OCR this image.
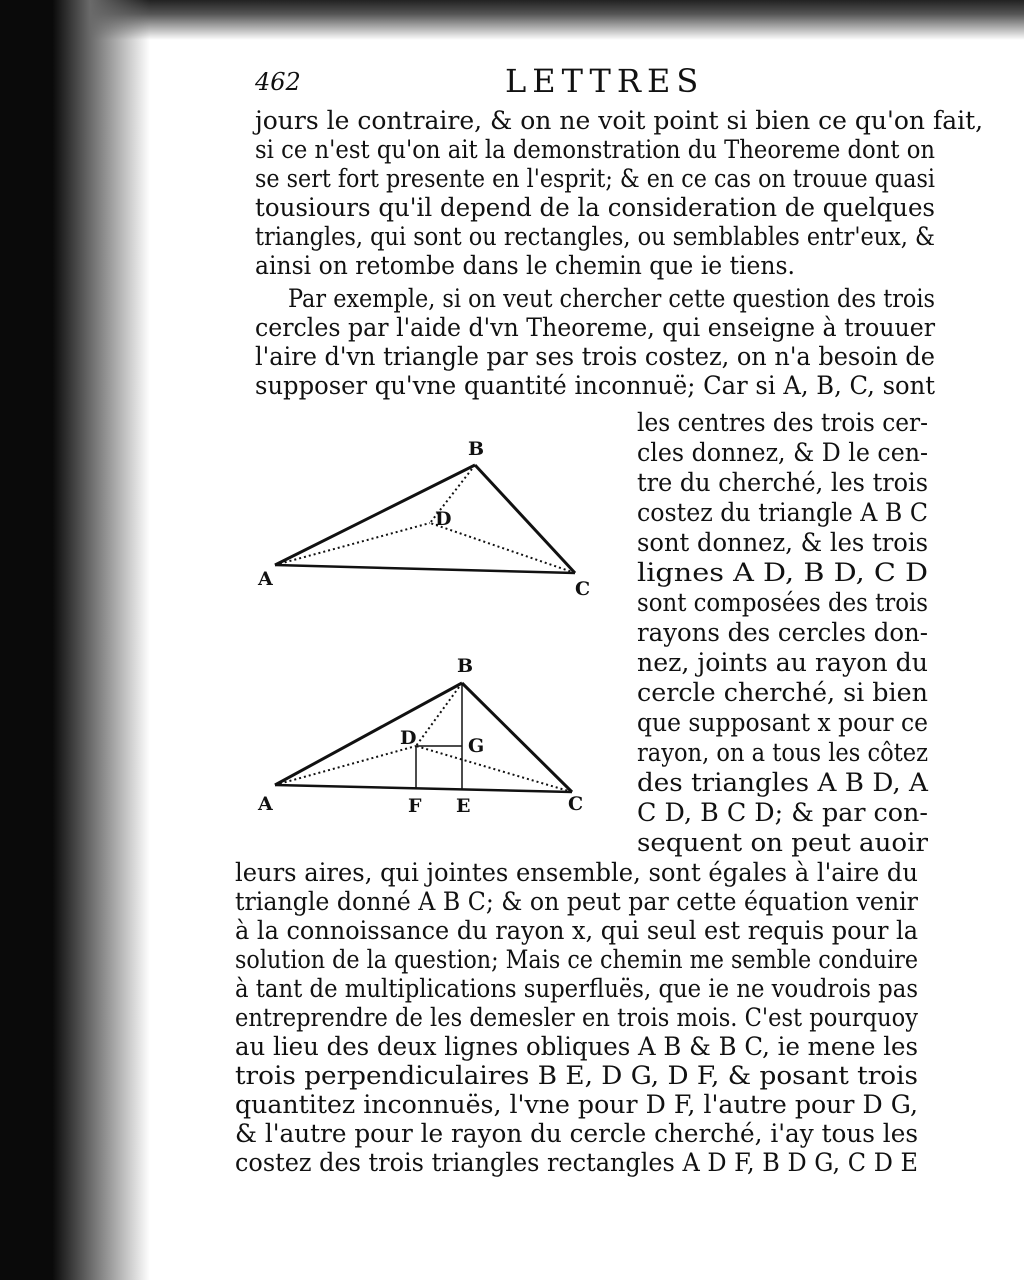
462	LETTRES
jours le contraire, & on ne voit point si bien ce qu'on fait,
si ce n'est qu'on ait la demonstration du Theoreme dont on
se sert fort presente en l'esprit; & en ce cas on trouue quasi
tousiours qu'il depend de la consideration de quelques
triangles, qui sont ou rectangles, ou semblables entr'eux, &
ainsi on retombe dans le chemin que ie tiens.
Par exemple, si on veut chercher cette question des trois
cercles par l'aide d'vn Theoreme, qui enseigne à trouuer
l'aire d'vn triangle par ses trois costez, on n'a besoin de
supposer qu'vne quantité inconnuë; Car si A, B, C, sont
les centres des trois cer-
cles donnez, & D le cen-
tre du cherché, les trois
costez du triangle A B C
sont donnez, & les trois
lignes A D, B D, C D
sont composées des trois
rayons des cercles don-
nez, joints au rayon du
cercle cherché, si bien
que supposant x pour ce
rayon, on a tous les côtez
des triangles A B D, A
C D, B C D; & par con-
sequent on peut auoir
leurs aires, qui jointes ensemble, sont égales à l'aire du
triangle donné A B C; & on peut par cette équation venir
à la connoissance du rayon x, qui seul est requis pour la
solution de la question; Mais ce chemin me semble conduire
à tant de multiplications superfluës, que ie ne voudrois pas
entreprendre de les demesler en trois mois. C'est pourquoy
au lieu des deux lignes obliques A B & B C, ie mene les
trois perpendiculaires B E, D G, D F, & posant trois
quantitez inconnuës, l'vne pour D F, l'autre pour D G,
& l'autre pour le rayon du cercle cherché, i'ay tous les
costez des trois triangles rectangles A D F, B D G, C D E
B
D
A	C
B
D	G
A	F E	C
